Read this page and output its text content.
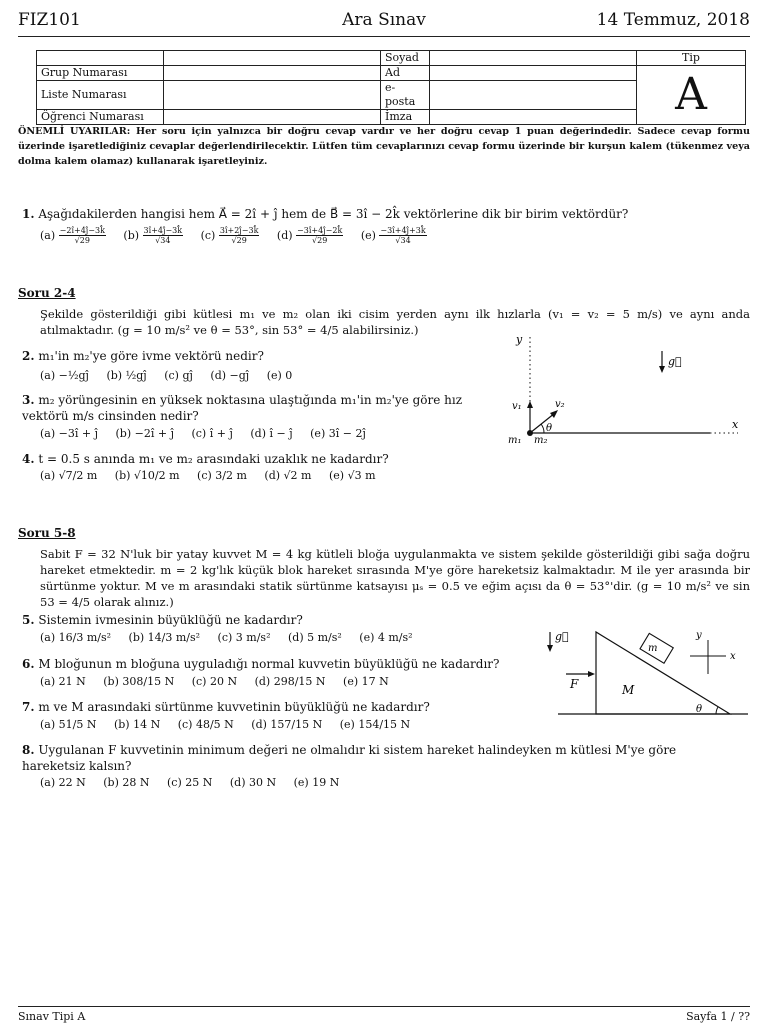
FIZ101	Ara Sınav	14 Temmuz, 2018
		Soyad		Tip
Grup Numarası		Ad		A
Liste Numarası		e-posta		
Öğrenci Numarası		İmza		
ÖNEMLİ UYARILAR: Her soru için yalnızca bir doğru cevap vardır ve her doğru cevap 1 puan değerindedir. Sadece cevap formu üzerinde işaretlediğiniz cevaplar değerlendirilecektir. Lütfen tüm cevaplarınızı cevap formu üzerinde bir kurşun kalem (tükenmez veya dolma kalem olamaz) kullanarak işaretleyiniz.
1. Aşağıdakilerden hangisi hem A⃗ = 2î + ĵ hem de B⃗ = 3î − 2k̂ vektörlerine dik bir birim vektördür?
$(a) \frac{-2î+4ĵ-3k̂}{√29} (b) \frac{3î+4ĵ-3k̂}{√34} (c) \frac{3î+2ĵ-3k̂}{√29} (d) \frac{-3î+4ĵ-2k̂}{√29} (e) \frac{-3î+4ĵ+3k̂}{√34}$
Soru 2-4
Şekilde gösterildiği gibi kütlesi m₁ ve m₂ olan iki cisim yerden aynı ilk hızlarla (v₁ = v₂ = 5 m/s) ve aynı anda atılmaktadır. (g = 10 m/s² ve θ = 53°, sin 53° = 4/5 alabilirsiniz.)
2. m₁'in m₂'ye göre ivme vektörü nedir?
(a) −½gĵ (b) ½gĵ (c) gĵ (d) −gĵ (e) 0
3. m₂ yörüngesinin en yüksek noktasına ulaştığında m₁'in m₂'ye göre hız vektörü m/s cinsinden nedir?
(a) −3î + ĵ (b) −2î + ĵ (c) î + ĵ (d) î − ĵ (e) 3î − 2ĵ
4. t = 0.5 s anında m₁ ve m₂ arasındaki uzaklık ne kadardır?
(a) √7/2 m (b) √10/2 m (c) 3/2 m (d) √2 m (e) √3 m
y
x
v₁	v₂
θ
m₁ m₂
g⃗
Soru 5-8
Sabit F = 32 N'luk bir yatay kuvvet M = 4 kg kütleli bloğa uygulanmakta ve sistem şekilde gösterildiği gibi sağa doğru hareket etmektedir. m = 2 kg'lık küçük blok hareket sırasında M'ye göre hareketsiz kalmaktadır. M ile yer arasında bir sürtünme yoktur. M ve m arasındaki statik sürtünme katsayısı μₛ = 0.5 ve eğim açısı da θ = 53°'dir. (g = 10 m/s² ve sin 53 = 4/5 olarak alınız.)
5. Sistemin ivmesinin büyüklüğü ne kadardır?
(a) 16/3 m/s² (b) 14/3 m/s² (c) 3 m/s² (d) 5 m/s² (e) 4 m/s²
6. M bloğunun m bloğuna uyguladığı normal kuvvetin büyüklüğü ne kadardır?
(a) 21 N (b) 308/15 N (c) 20 N (d) 298/15 N (e) 17 N
7. m ve M arasındaki sürtünme kuvvetinin büyüklüğü ne kadardır?
(a) 51/5 N (b) 14 N (c) 48/5 N (d) 157/15 N (e) 154/15 N
8. Uygulanan F kuvvetinin minimum değeri ne olmalıdır ki sistem hareket halindeyken m kütlesi M'ye göre hareketsiz kalsın?
(a) 22 N (b) 28 N (c) 25 N (d) 30 N (e) 19 N
g⃗
m
F	M
θ
x
y
Sınav Tipi A	Sayfa 1 / ??
